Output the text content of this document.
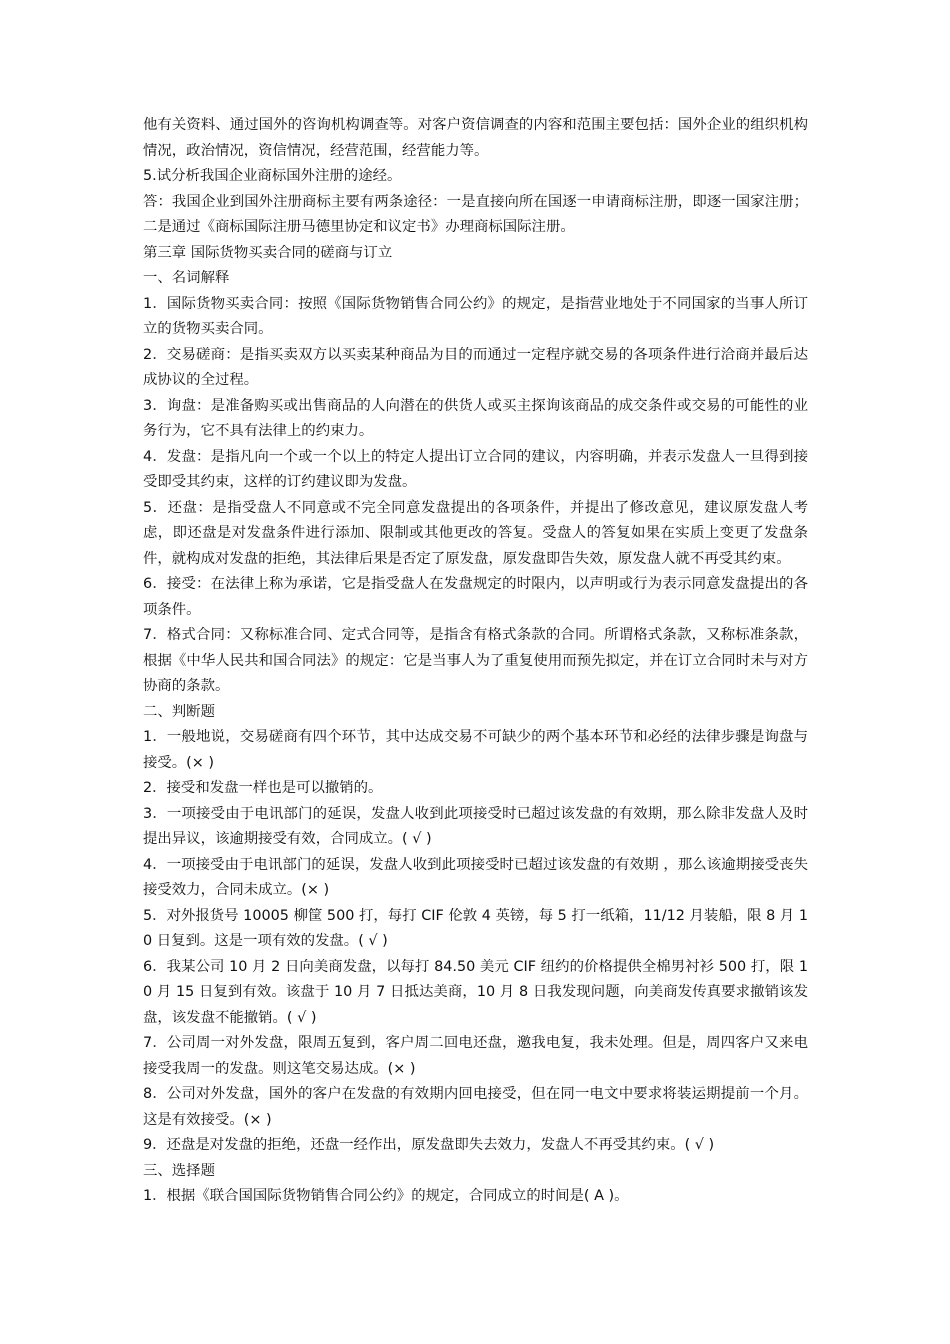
他有关资料、通过国外的咨询机构调查等。对客户资信调查的内容和范围主要包括：国外企业的组织机构情况，政治情况，资信情况，经营范围，经营能力等。

5.试分析我国企业商标国外注册的途经。

答：我国企业到国外注册商标主要有两条途径：一是直接向所在国逐一申请商标注册，即逐一国家注册；二是通过《商标国际注册马德里协定和议定书》办理商标国际注册。

第三章 国际货物买卖合同的磋商与订立

一、名词解释

1．国际货物买卖合同：按照《国际货物销售合同公约》的规定，是指营业地处于不同国家的当事人所订立的货物买卖合同。

2．交易磋商：是指买卖双方以买卖某种商品为目的而通过一定程序就交易的各项条件进行洽商并最后达成协议的全过程。

3．询盘：是准备购买或出售商品的人向潜在的供货人或买主探询该商品的成交条件或交易的可能性的业务行为，它不具有法律上的约束力。

4．发盘：是指凡向一个或一个以上的特定人提出订立合同的建议，内容明确，并表示发盘人一旦得到接受即受其约束，这样的订约建议即为发盘。

5．还盘：是指受盘人不同意或不完全同意发盘提出的各项条件，并提出了修改意见，建议原发盘人考虑，即还盘是对发盘条件进行添加、限制或其他更改的答复。受盘人的答复如果在实质上变更了发盘条件，就构成对发盘的拒绝，其法律后果是否定了原发盘，原发盘即告失效，原发盘人就不再受其约束。

6．接受：在法律上称为承诺，它是指受盘人在发盘规定的时限内，以声明或行为表示同意发盘提出的各项条件。

7．格式合同：又称标准合同、定式合同等，是指含有格式条款的合同。所谓格式条款，又称标准条款，根据《中华人民共和国合同法》的规定：它是当事人为了重复使用而预先拟定，并在订立合同时未与对方协商的条款。

二、判断题

1．一般地说，交易磋商有四个环节，其中达成交易不可缺少的两个基本环节和必经的法律步骤是询盘与接受。(× )

2．接受和发盘一样也是可以撤销的。

3．一项接受由于电讯部门的延误，发盘人收到此项接受时已超过该发盘的有效期，那么除非发盘人及时提出异议，该逾期接受有效，合同成立。( √ )

4．一项接受由于电讯部门的延误，发盘人收到此项接受时已超过该发盘的有效期 ，那么该逾期接受丧失接受效力，合同未成立。(× )

5．对外报货号 10005 柳筐 500 打，每打 CIF 伦敦 4 英镑，每 5 打一纸箱，11/12 月装船，限 8 月 10 日复到。这是一项有效的发盘。( √ )

6．我某公司 10 月 2 日向美商发盘，以每打 84.50 美元 CIF 纽约的价格提供全棉男衬衫 500 打，限 10 月 15 日复到有效。该盘于 10 月 7 日抵达美商，10 月 8 日我发现问题，向美商发传真要求撤销该发盘，该发盘不能撤销。( √ )

7．公司周一对外发盘，限周五复到，客户周二回电还盘，邀我电复，我未处理。但是，周四客户又来电接受我周一的发盘。则这笔交易达成。(× )

8．公司对外发盘，国外的客户在发盘的有效期内回电接受，但在同一电文中要求将装运期提前一个月。这是有效接受。(× )

9．还盘是对发盘的拒绝，还盘一经作出，原发盘即失去效力，发盘人不再受其约束。( √ )

三、选择题

1．根据《联合国国际货物销售合同公约》的规定，合同成立的时间是( A )。
